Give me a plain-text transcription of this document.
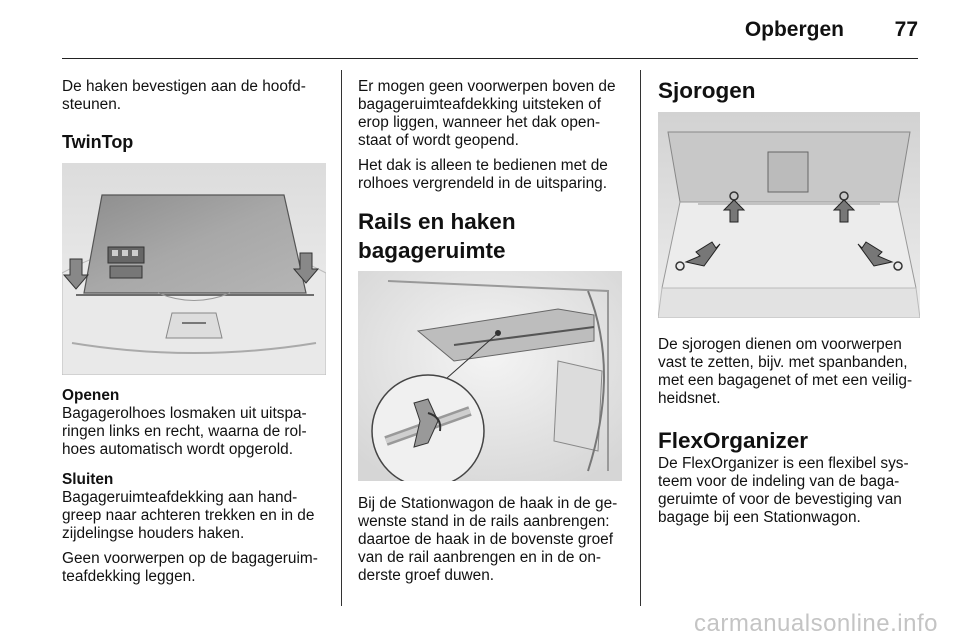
Opbergen 77

De haken bevestigen aan de hoofd-steunen.

TwinTop
Openen

Bagagerolhoes losmaken uit uitspa-ringen links en recht, waarna de rol-hoes automatisch wordt opgerold.

Sluiten

Bagageruimteafdekking aan hand-greep naar achteren trekken en in de zijdelingse houders haken.

Geen voorwerpen op de bagageruim-teafdekking leggen.

Er mogen geen voorwerpen boven de bagageruimteafdekking uitsteken of erop liggen, wanneer het dak open-staat of wordt geopend.

Het dak is alleen te bedienen met de rolhoes vergrendeld in de uitsparing.

Rails en haken
bagageruimte

Bij de Stationwagon de haak in de ge-wenste stand in de rails aanbrengen: daartoe de haak in de bovenste groef van de rail aanbrengen en in de on-derste groef duwen.

Sjorogen

De sjorogen dienen om voorwerpen vast te zetten, bijv. met spanbanden, met een bagagenet of met een veilig-heidsnet.

FlexOrganizer

De FlexOrganizer is een flexibel sys-teem voor de indeling van de baga-geruimte of voor de bevestiging van bagage bij een Stationwagon.

carmanualsonline.info
